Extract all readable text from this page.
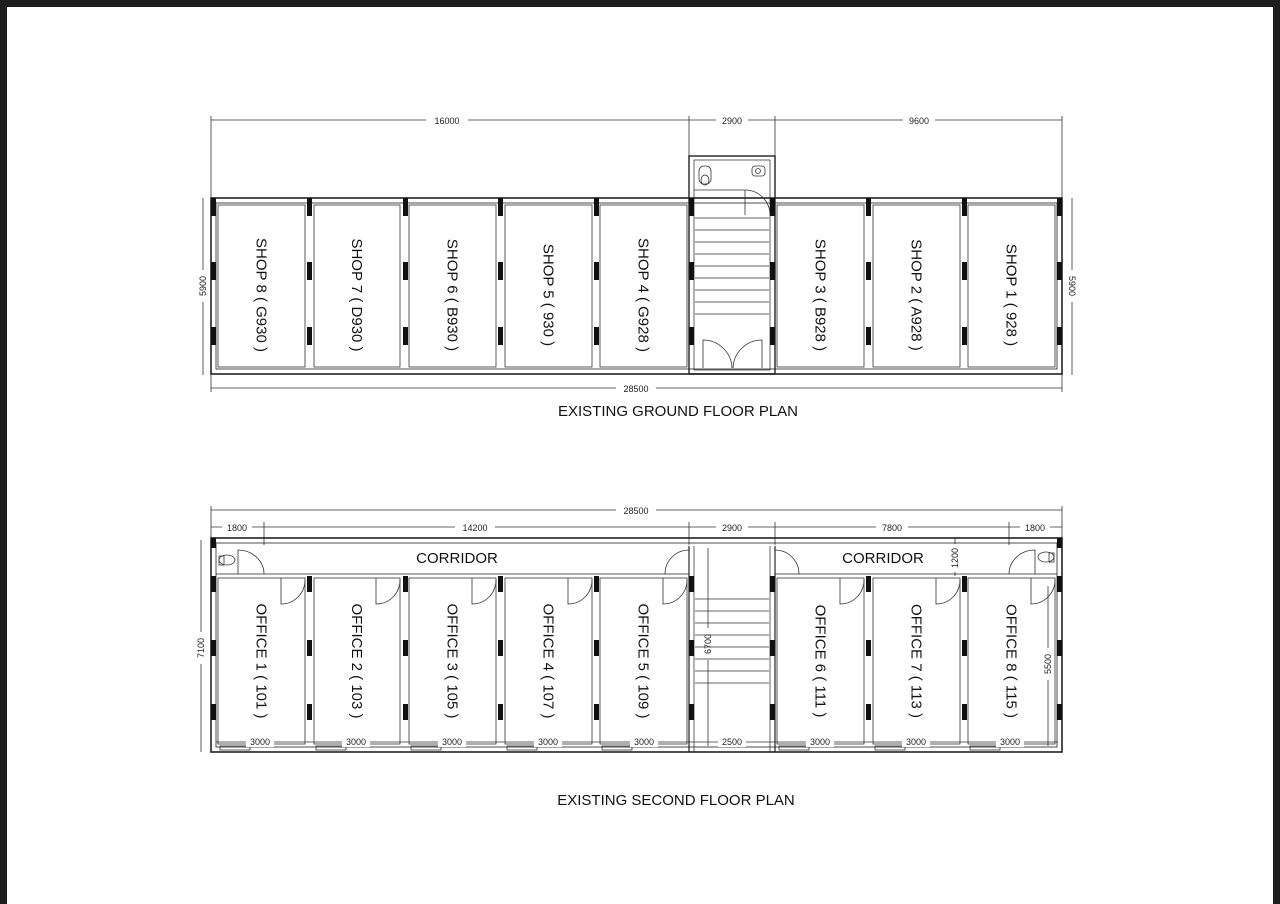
16000	2900	9600
28500
5900	5900
SHOP 8 ( G930 )	SHOP 7 ( D930 )	SHOP 6 ( B930 )	SHOP 5 ( 930 )	SHOP 4 ( G928 )	SHOP 3 ( B928 )	SHOP 2 ( A928 )	SHOP 1 ( 928 )
EXISTING GROUND FLOOR PLAN
28500
1800	14200	2900	7800	1800
7100
1200
6700
5500
CORRIDOR	CORRIDOR
OFFICE 1 ( 101 )	OFFICE 2 ( 103 )	OFFICE 3 ( 105 )	OFFICE 4 ( 107 )	OFFICE 5 ( 109 )	OFFICE 6 ( 111 )	OFFICE 7 ( 113 )	OFFICE 8 ( 115 )
3000	3000	3000	3000	3000	3000	3000	3000
2500
EXISTING SECOND FLOOR PLAN
